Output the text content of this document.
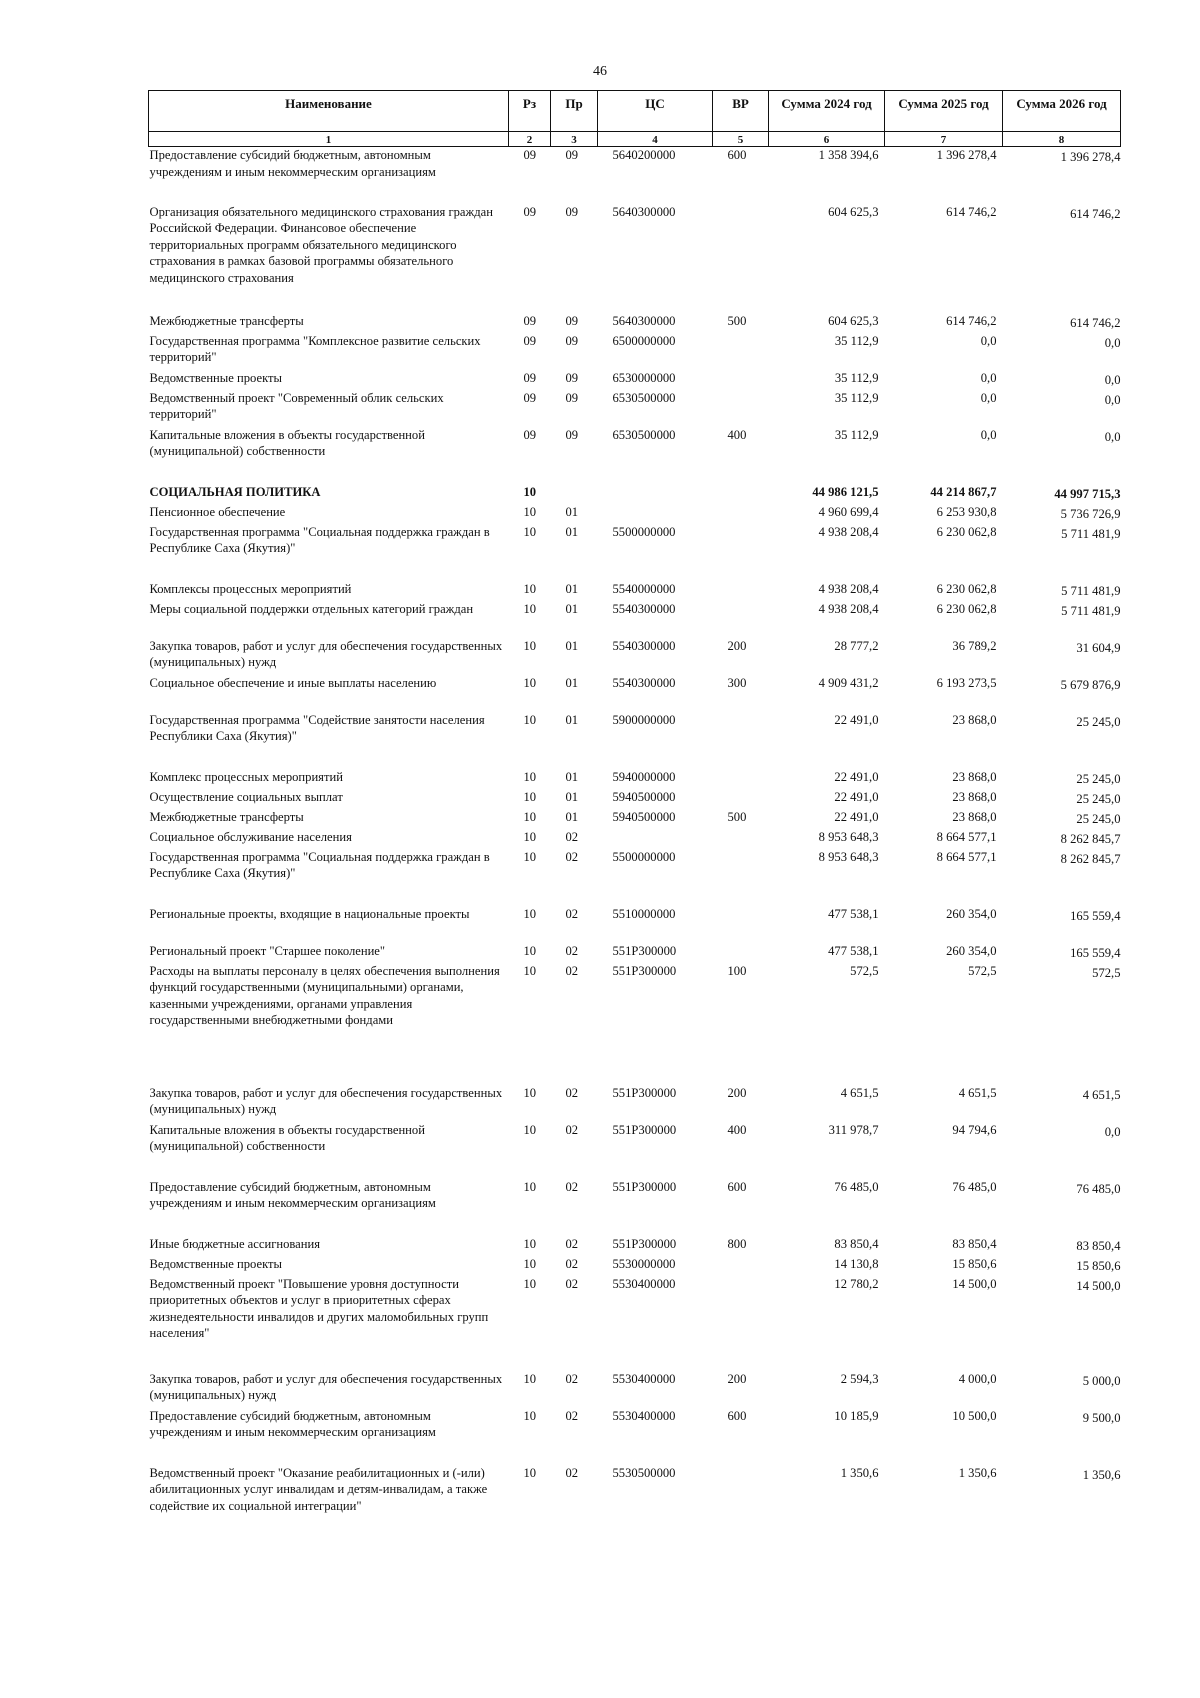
46
Наименование	Рз	Пр	ЦС	ВР	Сумма 2024 год	Сумма 2025 год	Сумма 2026 год
1	2	3	4	5	6	7	8
Предоставление субсидий бюджетным, автономным учреждениям и иным некоммерческим организациям	09	09	5640200000	600	1 358 394,6	1 396 278,4	1 396 278,4
Организация обязательного медицинского страхования граждан Российской Федерации. Финансовое обеспечение территориальных программ обязательного медицинского страхования в рамках базовой программы обязательного медицинского страхования	09	09	5640300000		604 625,3	614 746,2	614 746,2
Межбюджетные трансферты	09	09	5640300000	500	604 625,3	614 746,2	614 746,2
Государственная программа "Комплексное развитие сельских территорий"	09	09	6500000000		35 112,9	0,0	0,0
Ведомственные проекты	09	09	6530000000		35 112,9	0,0	0,0
Ведомственный проект "Современный облик сельских территорий"	09	09	6530500000		35 112,9	0,0	0,0
Капитальные вложения в объекты государственной (муниципальной) собственности	09	09	6530500000	400	35 112,9	0,0	0,0
СОЦИАЛЬНАЯ ПОЛИТИКА	10				44 986 121,5	44 214 867,7	44 997 715,3
Пенсионное обеспечение	10	01			4 960 699,4	6 253 930,8	5 736 726,9
Государственная программа "Социальная поддержка граждан в Республике Саха (Якутия)"	10	01	5500000000		4 938 208,4	6 230 062,8	5 711 481,9
Комплексы процессных мероприятий	10	01	5540000000		4 938 208,4	6 230 062,8	5 711 481,9
Меры социальной поддержки отдельных категорий граждан	10	01	5540300000		4 938 208,4	6 230 062,8	5 711 481,9
Закупка товаров, работ и услуг для обеспечения государственных (муниципальных) нужд	10	01	5540300000	200	28 777,2	36 789,2	31 604,9
Социальное обеспечение и иные выплаты населению	10	01	5540300000	300	4 909 431,2	6 193 273,5	5 679 876,9
Государственная программа "Содействие занятости населения Республики Саха (Якутия)"	10	01	5900000000		22 491,0	23 868,0	25 245,0
Комплекс процессных мероприятий	10	01	5940000000		22 491,0	23 868,0	25 245,0
Осуществление социальных выплат	10	01	5940500000		22 491,0	23 868,0	25 245,0
Межбюджетные трансферты	10	01	5940500000	500	22 491,0	23 868,0	25 245,0
Социальное обслуживание населения	10	02			8 953 648,3	8 664 577,1	8 262 845,7
Государственная программа "Социальная поддержка граждан в Республике Саха (Якутия)"	10	02	5500000000		8 953 648,3	8 664 577,1	8 262 845,7
Региональные проекты, входящие в национальные проекты	10	02	5510000000		477 538,1	260 354,0	165 559,4
Региональный проект "Старшее поколение"	10	02	551P300000		477 538,1	260 354,0	165 559,4
Расходы на выплаты персоналу в целях обеспечения выполнения функций государственными (муниципальными) органами, казенными учреждениями, органами управления государственными внебюджетными фондами	10	02	551P300000	100	572,5	572,5	572,5
Закупка товаров, работ и услуг для обеспечения государственных (муниципальных) нужд	10	02	551P300000	200	4 651,5	4 651,5	4 651,5
Капитальные вложения в объекты государственной (муниципальной) собственности	10	02	551P300000	400	311 978,7	94 794,6	0,0
Предоставление субсидий бюджетным, автономным учреждениям и иным некоммерческим организациям	10	02	551P300000	600	76 485,0	76 485,0	76 485,0
Иные бюджетные ассигнования	10	02	551P300000	800	83 850,4	83 850,4	83 850,4
Ведомственные проекты	10	02	5530000000		14 130,8	15 850,6	15 850,6
Ведомственный проект "Повышение уровня доступности приоритетных объектов и услуг в приоритетных сферах жизнедеятельности инвалидов и других маломобильных групп населения"	10	02	5530400000		12 780,2	14 500,0	14 500,0
Закупка товаров, работ и услуг для обеспечения государственных (муниципальных) нужд	10	02	5530400000	200	2 594,3	4 000,0	5 000,0
Предоставление субсидий бюджетным, автономным учреждениям и иным некоммерческим организациям	10	02	5530400000	600	10 185,9	10 500,0	9 500,0
Ведомственный проект "Оказание реабилитационных и (-или) абилитационных услуг инвалидам и детям-инвалидам, а также содействие их социальной интеграции"	10	02	5530500000		1 350,6	1 350,6	1 350,6
